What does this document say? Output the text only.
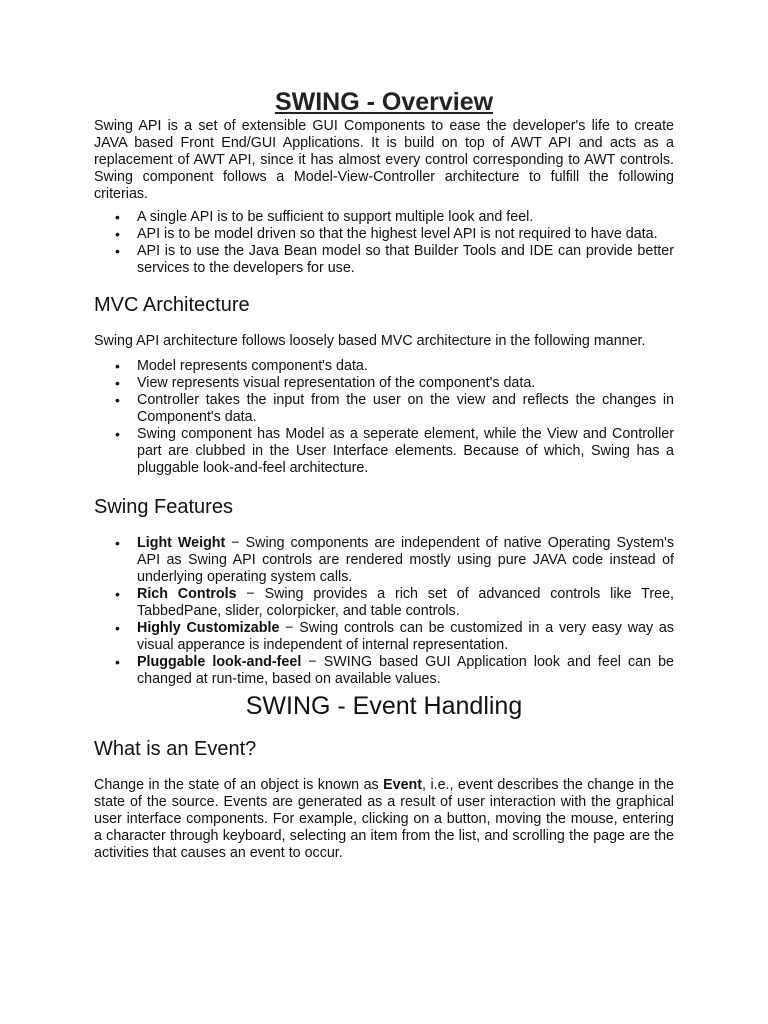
SWING - Overview

Swing API is a set of extensible GUI Components to ease the developer's life to create JAVA based Front End/GUI Applications. It is build on top of AWT API and acts as a replacement of AWT API, since it has almost every control corresponding to AWT controls. Swing component follows a Model-View-Controller architecture to fulfill the following criterias.

• A single API is to be sufficient to support multiple look and feel.
• API is to be model driven so that the highest level API is not required to have data.
• API is to use the Java Bean model so that Builder Tools and IDE can provide better services to the developers for use.
MVC Architecture

Swing API architecture follows loosely based MVC architecture in the following manner.

• Model represents component's data.
• View represents visual representation of the component's data.
• Controller takes the input from the user on the view and reflects the changes in Component's data.
• Swing component has Model as a seperate element, while the View and Controller part are clubbed in the User Interface elements. Because of which, Swing has a pluggable look-and-feel architecture.
Swing Features
• Light Weight − Swing components are independent of native Operating System's API as Swing API controls are rendered mostly using pure JAVA code instead of underlying operating system calls.
• Rich Controls − Swing provides a rich set of advanced controls like Tree, TabbedPane, slider, colorpicker, and table controls.
• Highly Customizable − Swing controls can be customized in a very easy way as visual apperance is independent of internal representation.
• Pluggable look-and-feel − SWING based GUI Application look and feel can be changed at run-time, based on available values.
SWING - Event Handling
What is an Event?

Change in the state of an object is known as Event, i.e., event describes the change in the state of the source. Events are generated as a result of user interaction with the graphical user interface components. For example, clicking on a button, moving the mouse, entering a character through keyboard, selecting an item from the list, and scrolling the page are the activities that causes an event to occur.
